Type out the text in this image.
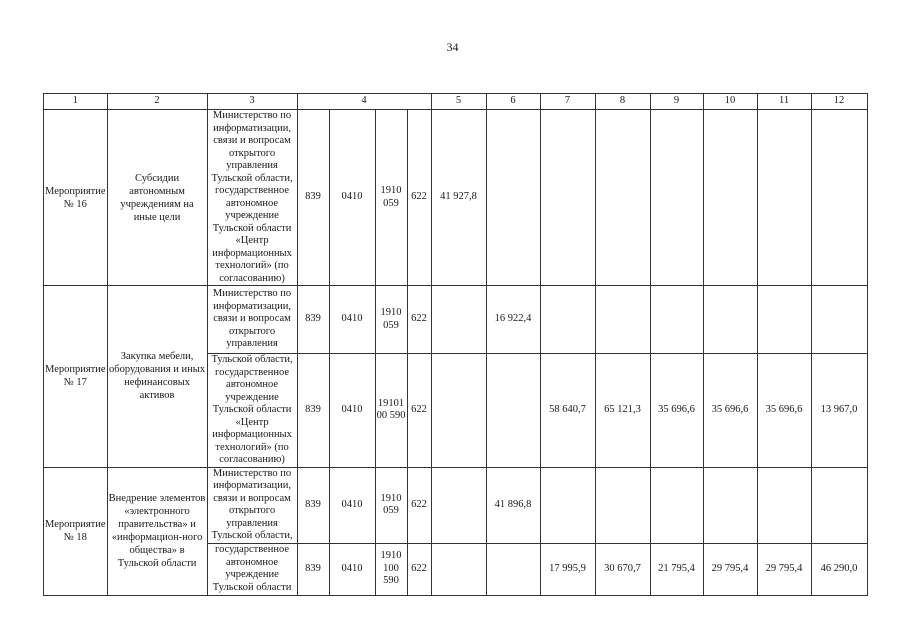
34
1	2	3	4				5	6	7	8	9	10	11	12
Мероприятие № 16	Субсидии автономным учреждениям на иные цели	Министерство по информатизации, связи и вопросам открытого управления Тульской области, государственное автономное учреждение Тульской области «Центр информационных технологий» (по согласованию)	839	0410	1910 059	622	41 927,8							
Мероприятие № 17	Закупка мебели, оборудования и иных нефинансовых активов	Министерство по информатизации, связи и вопросам открытого управления	839	0410	1910 059	622		16 922,4						
		Тульской области, государственное автономное учреждение Тульской области «Центр информационных технологий» (по согласованию)	839	0410	19101 00 590	622			58 640,7	65 121,3	35 696,6	35 696,6	35 696,6	13 967,0
Мероприятие № 18	Внедрение элементов «электронного правительства» и «информацион-ного общества» в Тульской области	Министерство по информатизации, связи и вопросам открытого управления Тульской области,	839	0410	1910 059	622		41 896,8						
		государственное автономное учреждение Тульской области	839	0410	1910 100 590	622			17 995,9	30 670,7	21 795,4	29 795,4	29 795,4	46 290,0
